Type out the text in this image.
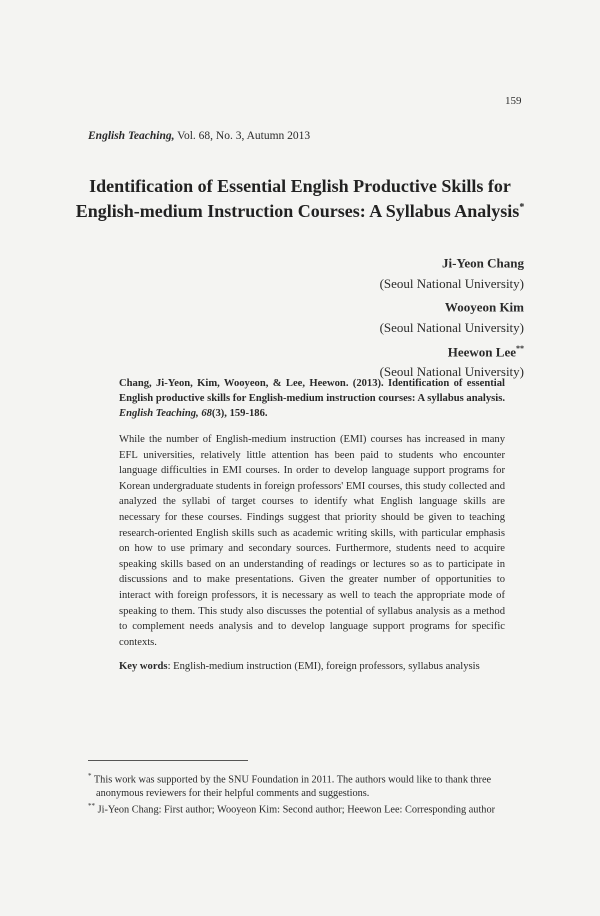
159
English Teaching, Vol. 68, No. 3, Autumn 2013
Identification of Essential English Productive Skills for
English-medium Instruction Courses: A Syllabus Analysis*
Ji-Yeon Chang
(Seoul National University)
Wooyeon Kim
(Seoul National University)
Heewon Lee**
(Seoul National University)
Chang, Ji-Yeon, Kim, Wooyeon, & Lee, Heewon. (2013). Identification of essential English productive skills for English-medium instruction courses: A syllabus analysis. English Teaching, 68(3), 159-186.
While the number of English-medium instruction (EMI) courses has increased in many EFL universities, relatively little attention has been paid to students who encounter language difficulties in EMI courses. In order to develop language support programs for Korean undergraduate students in foreign professors' EMI courses, this study collected and analyzed the syllabi of target courses to identify what English language skills are necessary for these courses. Findings suggest that priority should be given to teaching research-oriented English skills such as academic writing skills, with particular emphasis on how to use primary and secondary sources. Furthermore, students need to acquire speaking skills based on an understanding of readings or lectures so as to participate in discussions and to make presentations. Given the greater number of opportunities to interact with foreign professors, it is necessary as well to teach the appropriate mode of speaking to them. This study also discusses the potential of syllabus analysis as a method to complement needs analysis and to develop language support programs for specific contexts.
Key words: English-medium instruction (EMI), foreign professors, syllabus analysis

* This work was supported by the SNU Foundation in 2011. The authors would like to thank three
anonymous reviewers for their helpful comments and suggestions.

** Ji-Yeon Chang: First author; Wooyeon Kim: Second author; Heewon Lee: Corresponding author
